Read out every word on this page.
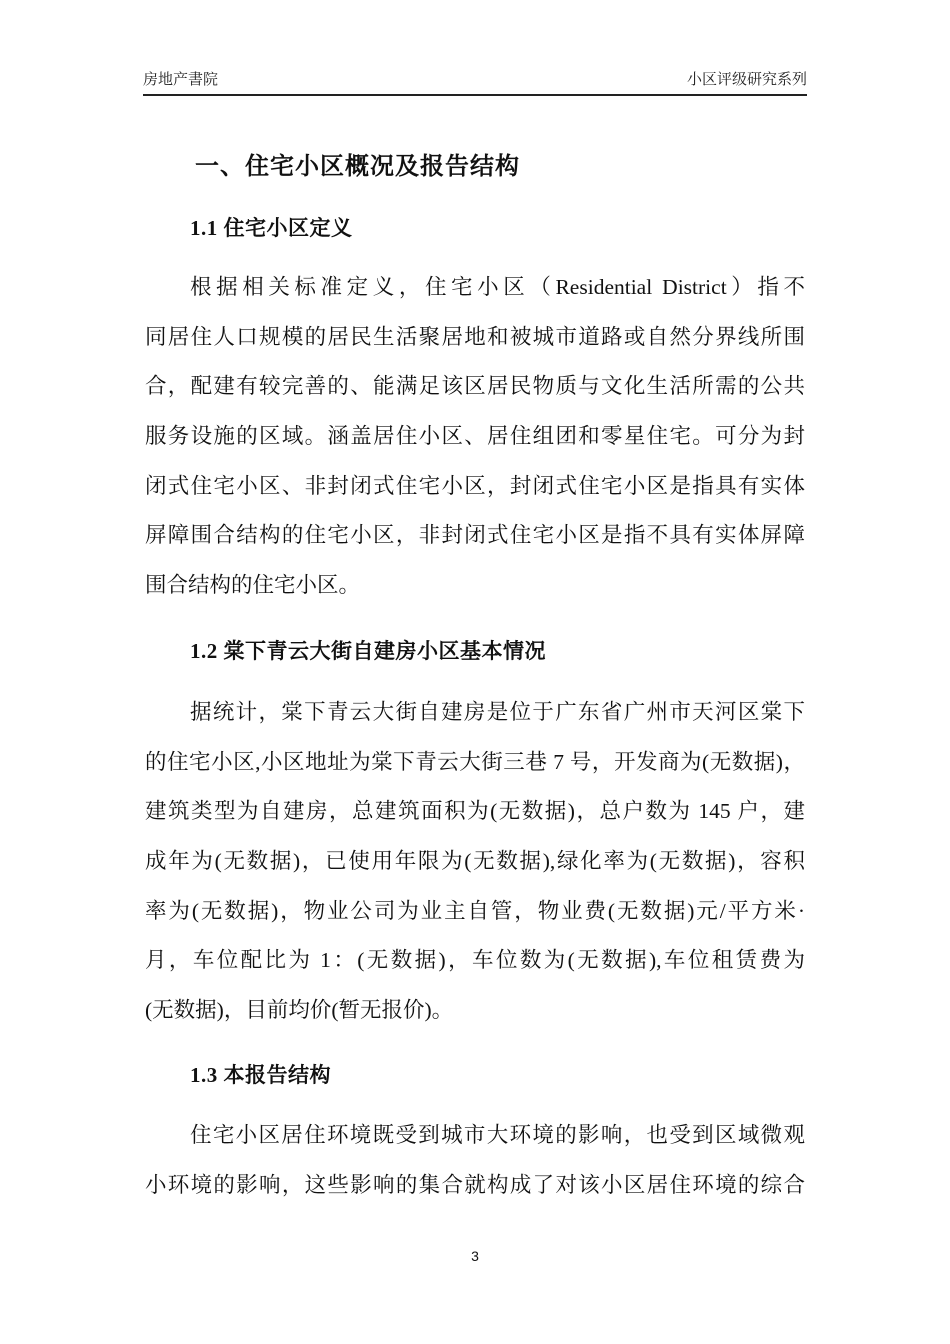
房地产書院	小区评级研究系列
一、住宅小区概况及报告结构
1.1 住宅小区定义
根据相关标准定义，住宅小区（Residential District）指不
同居住人口规模的居民生活聚居地和被城市道路或自然分界线所围
合，配建有较完善的、能满足该区居民物质与文化生活所需的公共
服务设施的区域。涵盖居住小区、居住组团和零星住宅。可分为封
闭式住宅小区、非封闭式住宅小区，封闭式住宅小区是指具有实体
屏障围合结构的住宅小区，非封闭式住宅小区是指不具有实体屏障
围合结构的住宅小区。
1.2 棠下青云大街自建房小区基本情况
据统计，棠下青云大街自建房是位于广东省广州市天河区棠下
的住宅小区,小区地址为棠下青云大街三巷 7 号，开发商为(无数据)，
建筑类型为自建房，总建筑面积为(无数据)，总户数为 145 户，建
成年为(无数据)，已使用年限为(无数据),绿化率为(无数据)，容积
率为(无数据)，物业公司为业主自管，物业费(无数据)元/平方米·
月，车位配比为 1：(无数据)，车位数为(无数据),车位租赁费为
(无数据)，目前均价(暂无报价)。
1.3 本报告结构
住宅小区居住环境既受到城市大环境的影响，也受到区域微观
小环境的影响，这些影响的集合就构成了对该小区居住环境的综合
3
